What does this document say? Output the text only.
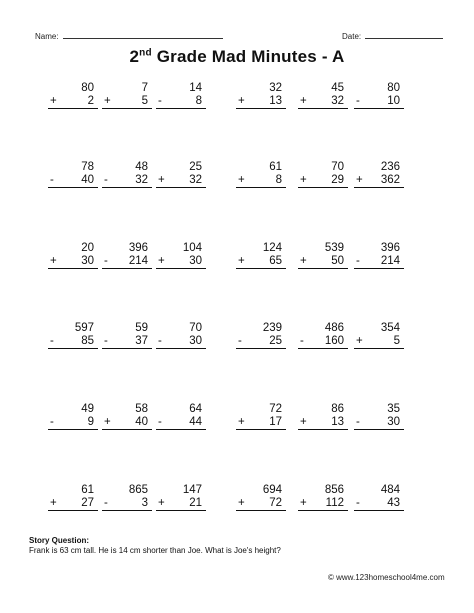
Name:	Date:
2nd Grade Mad Minutes - A
80
+ 2
7
+ 5
14
-	8
32
+ 13
45
+ 32
80
- 10
78
- 40
48
- 32
25
+ 32
61
+ 8
70
+ 29
236
+ 362
20
+ 30
396
- 214
104
+ 30
124
+ 65
539
+ 50
396
- 214
597
- 85
59
- 37
70
- 30
239
- 25
486
- 160
354
+ 5
49
-	9
58
+ 40
64
- 44
72
+ 17
86
+ 13
35
- 30
61
+ 27
865
- 3
147
+ 21
694
+ 72
856
+ 112
484
- 43
Story Question:
Frank is 63 cm tall. He is 14 cm shorter than Joe. What is Joe's height?
© www.123homeschool4me.com
